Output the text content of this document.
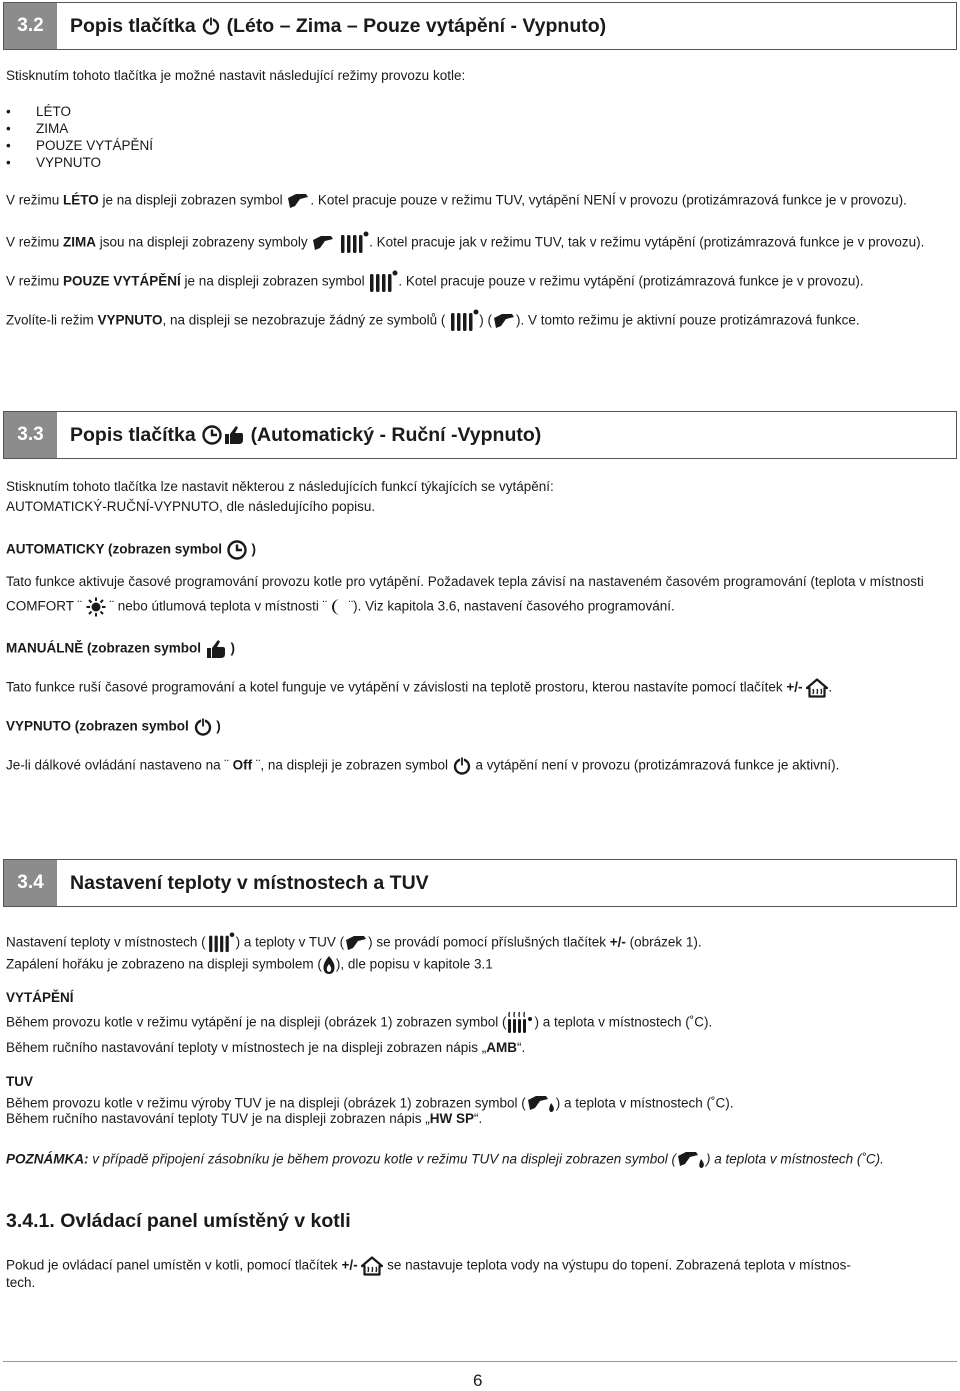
3.2	Popis tlačítka

(Léto – Zima – Pouze vytápění - Vypnuto)
Stisknutím tohoto tlačítka je možné nastavit následující režimy provozu kotle:
• LÉTO
• ZIMA
• POUZE VYTÁPĚNÍ
• VYPNUTO
V režimu LÉTO je na displeji zobrazen symbol . Kotel pracuje pouze v režimu TUV, vytápění NENÍ v provozu (protizámrazová funkce je v provozu).
V režimu ZIMA jsou na displeji zobrazeny symboly	. Kotel pracuje jak v režimu TUV, tak v režimu vytápění (protizámrazová funkce je v provozu).
V režimu POUZE VYTÁPĚNÍ je na displeji zobrazen symbol . Kotel pracuje pouze v režimu vytápění (protizámrazová funkce je v provozu).
Zvolíte-li režim VYPNUTO, na displeji se nezobrazuje žádný ze symbolů (	) ( ). V tomto režimu je aktivní pouze protizámrazová funkce.
3.3	Popis tlačítka

	(Automatický - Ruční -Vypnuto)
Stisknutím tohoto tlačítka lze nastavit některou z následujících funkcí týkajících se vytápění:
AUTOMATICKÝ-RUČNÍ-VYPNUTO, dle následujícího popisu.
AUTOMATICKY (zobrazen symbol  )
Tato funkce aktivuje časové programování provozu kotle pro vytápění. Požadavek tepla závisí na nastaveném časovém programování (teplota v místnosti
COMFORT ¨  ¨ nebo útlumová teplota v místnosti ¨  ¨). Viz kapitola 3.6, nastavení časového programování.
MANUÁLNĚ (zobrazen symbol  )
Tato funkce ruší časové programování a kotel funguje ve vytápění v závislosti na teplotě prostoru, kterou nastavíte pomocí tlačítek +/- .
VYPNUTO (zobrazen symbol  )
Je-li dálkové ovládání nastaveno na ¨ Off ¨, na displeji je zobrazen symbol  a vytápění není v provozu (protizámrazová funkce je aktivní).
3.4	Nastavení teploty v místnostech a TUV
Nastavení teploty v místnostech ( ) a teploty v TUV ( ) se provádí pomocí příslušných tlačítek +/- (obrázek 1).
Zapálení hořáku je zobrazeno na displeji symbolem ( ), dle popisu v kapitole 3.1
VYTÁPĚNÍ
Během provozu kotle v režimu vytápění je na displeji (obrázek 1) zobrazen symbol ( ) a teplota v místnostech (˚C).
Během ručního nastavování teploty v místnostech je na displeji zobrazen nápis „AMB“.
TUV
Během provozu kotle v režimu výroby TUV je na displeji (obrázek 1) zobrazen symbol ( ) a teplota v místnostech (˚C).
Během ručního nastavování teploty TUV je na displeji zobrazen nápis „HW SP“.
POZNÁMKA: v případě připojení zásobníku je během provozu kotle v režimu TUV na displeji zobrazen symbol ( ) a teplota v místnostech (˚C).
3.4.1. Ovládací panel umístěný v kotli
Pokud je ovládací panel umístěn v kotli, pomocí tlačítek +/-  se nastavuje teplota vody na výstupu do topení. Zobrazená teplota v místnos-
tech.
6
